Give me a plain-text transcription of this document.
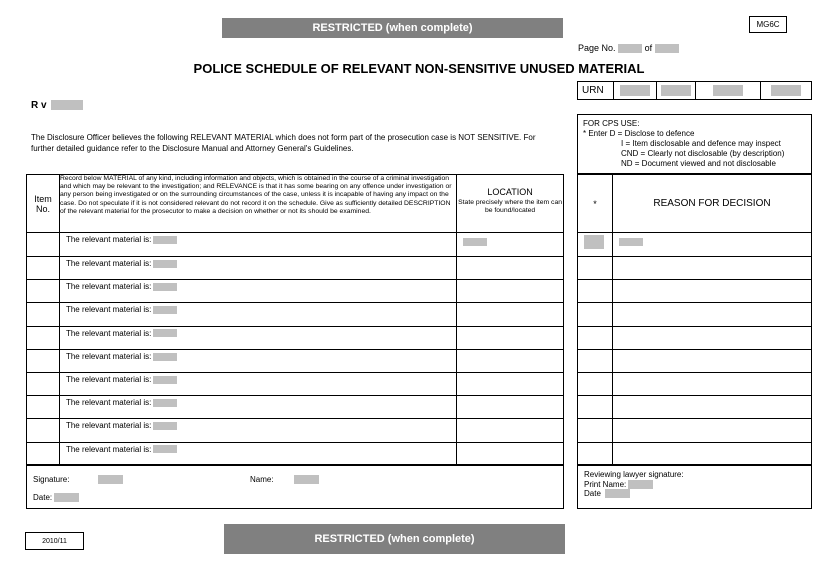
RESTRICTED (when complete)	MG6C
Page No.	of
POLICE SCHEDULE OF RELEVANT NON-SENSITIVE UNUSED MATERIAL
URN
R v
The Disclosure Officer believes the following RELEVANT MATERIAL which does not form part of the prosecution case is NOT SENSITIVE. For further detailed guidance refer to the Disclosure Manual and Attorney General's Guidelines.
FOR CPS USE:
* Enter D = Disclose to defence
I = Item disclosable and defence may inspect
CND = Clearly not disclosable (by description)
ND = Document viewed and not disclosable
Item No.	Record below MATERIAL of any kind, including information and objects, which is obtained in the course of a criminal investigation and which may be relevant to the investigation; and RELEVANCE is that it has some bearing on any offence under investigation or any person being investigated or on the surrounding circumstances of the case, unless it is incapable of having any impact on the case. Do not speculate if it is not considered relevant do not record it on the schedule. Give as sufficiently detailed DESCRIPTION of the relevant material for the prosecutor to make a decision on whether or not its should be examined.	LOCATION
State precisely where the item can be found/located

	The relevant material is:	

	The relevant material is:	

	The relevant material is:	

	The relevant material is:	

	The relevant material is:	

	The relevant material is:	

	The relevant material is:	

	The relevant material is:	

	The relevant material is:	

	The relevant material is:	

*	REASON FOR DECISION

Signature:	Name:
Date:
Reviewing lawyer signature:
Print Name:
Date
2010/11	RESTRICTED (when complete)
